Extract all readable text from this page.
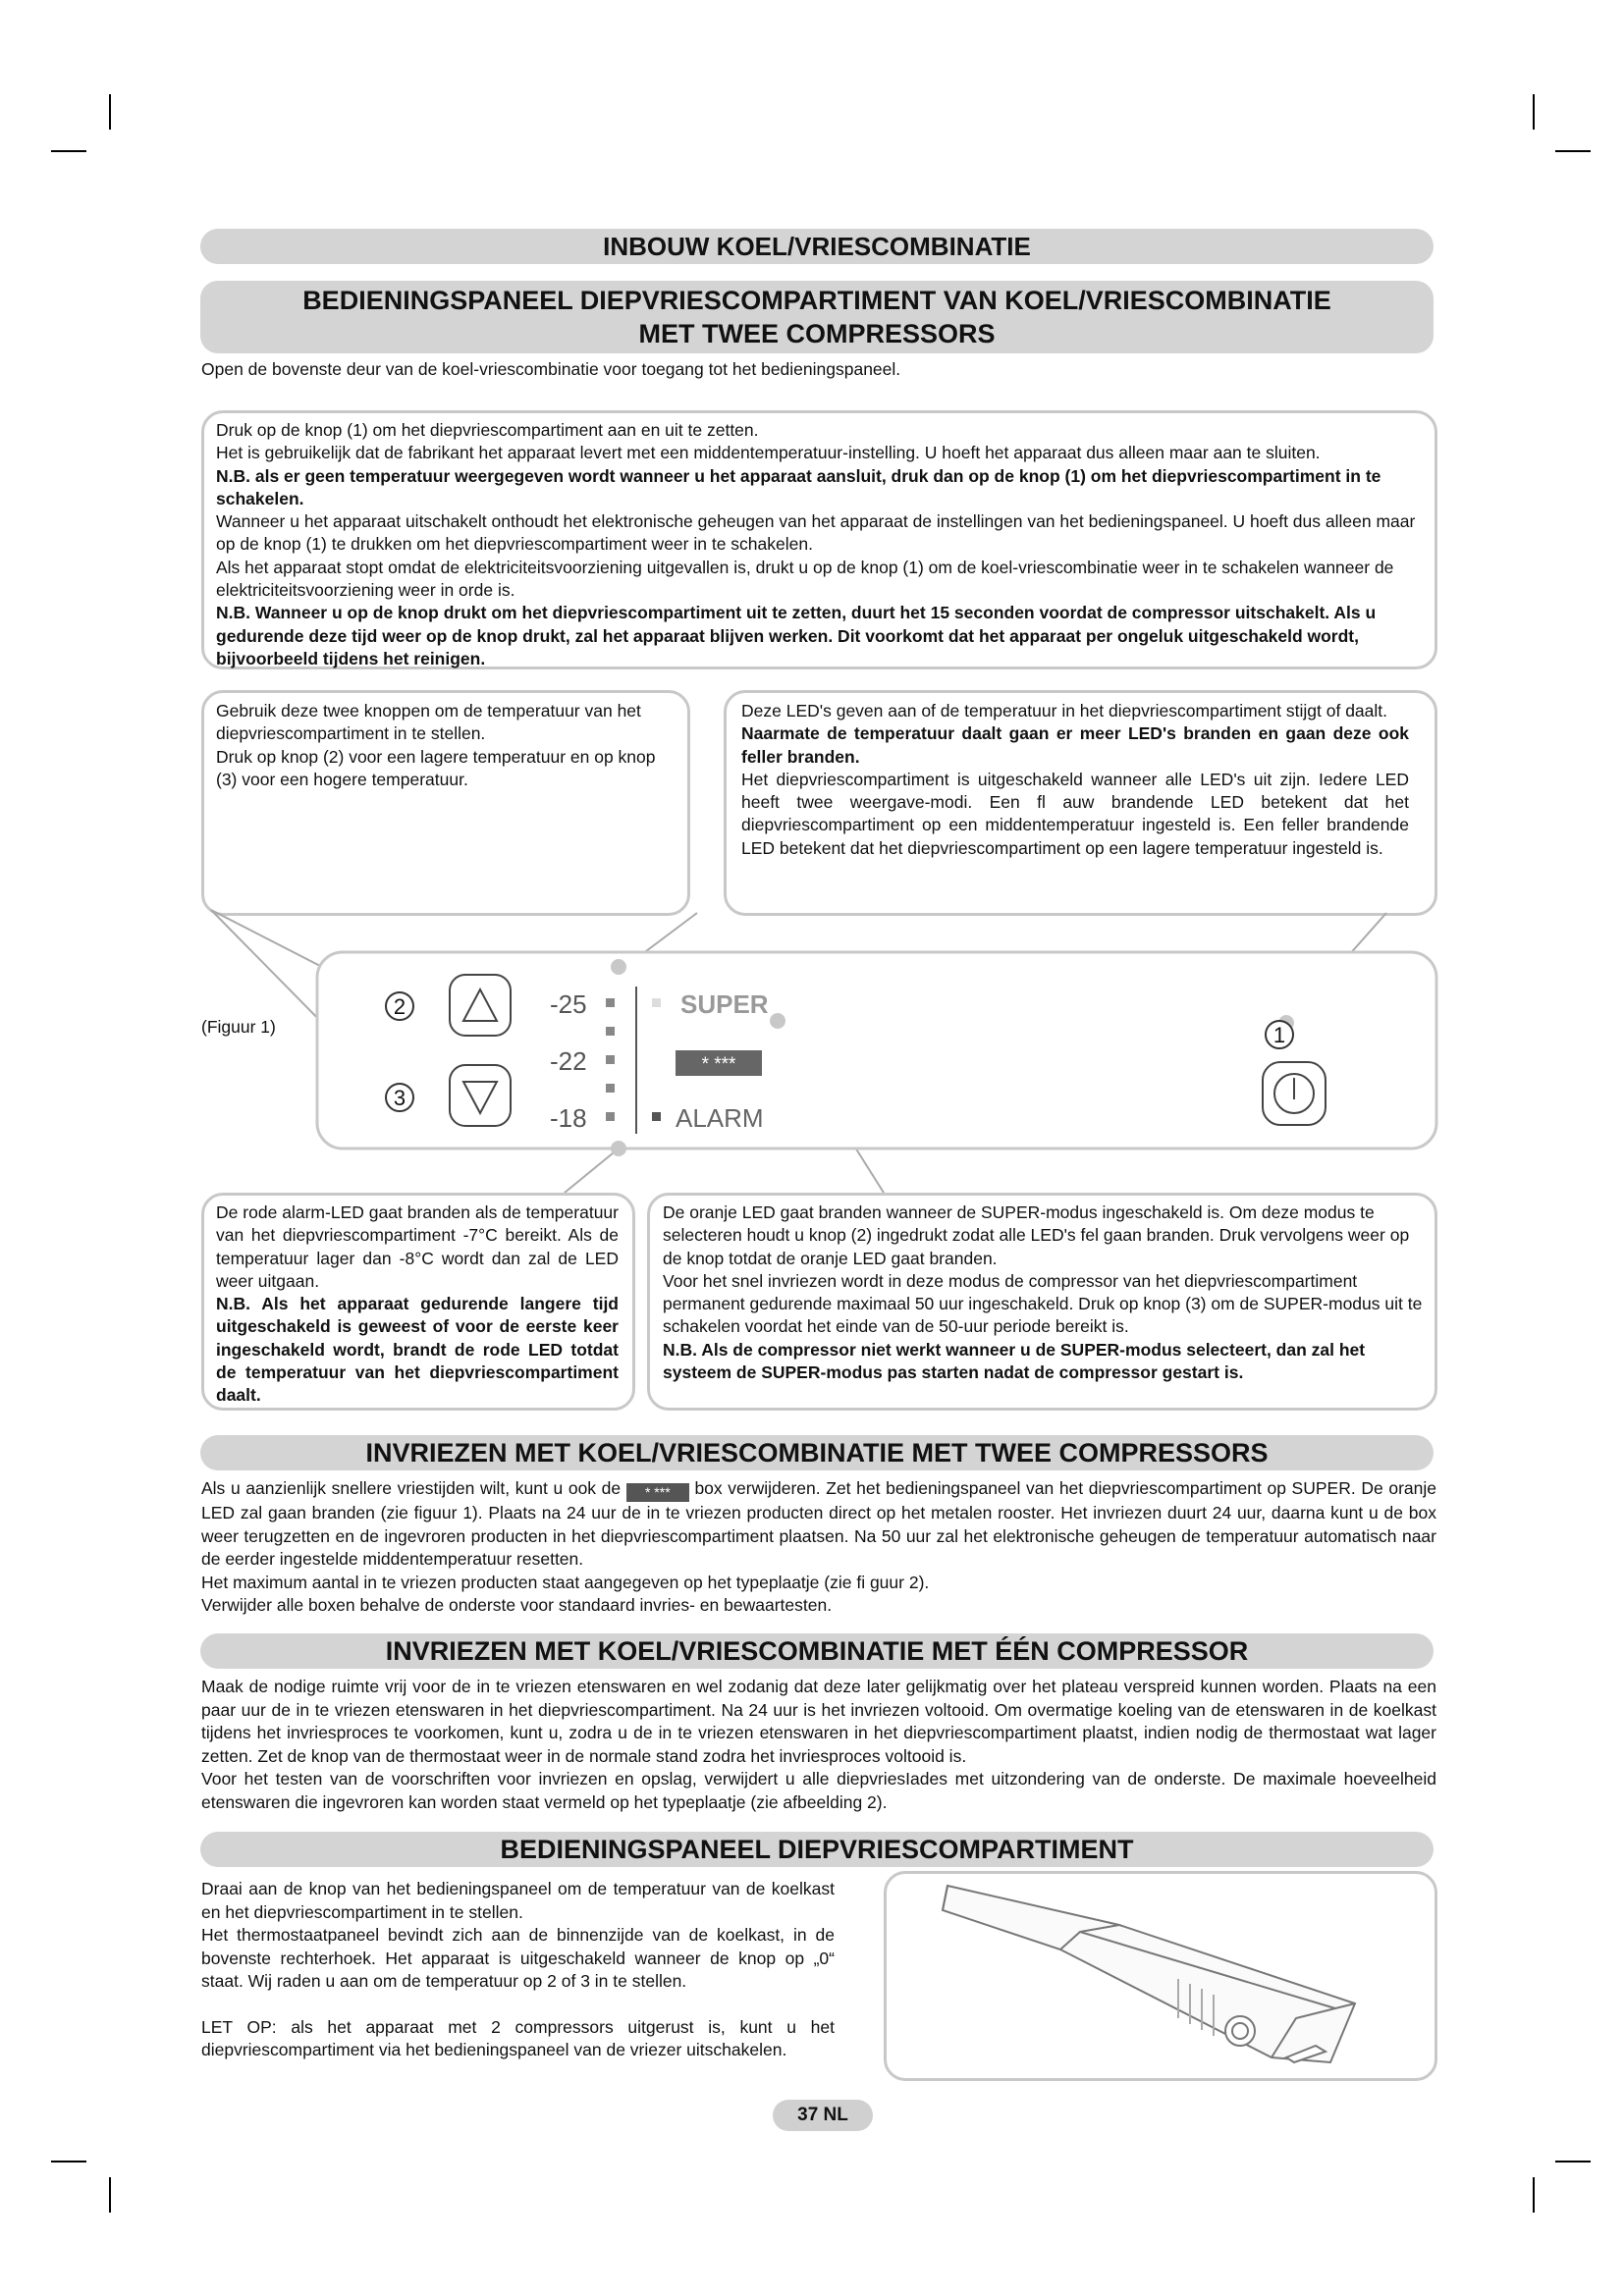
INBOUW KOEL/VRIESCOMBINATIE
BEDIENINGSPANEEL DIEPVRIESCOMPARTIMENT VAN KOEL/VRIESCOMBINATIE
MET TWEE COMPRESSORS
Open de bovenste deur van de koel-vriescombinatie voor toegang tot het bedieningspaneel.
Druk op de knop (1) om het diepvriescompartiment aan en uit te zetten.
Het is gebruikelijk dat de fabrikant het apparaat levert met een middentemperatuur-instelling. U hoeft het apparaat dus alleen maar aan te sluiten.
N.B. als er geen temperatuur weergegeven wordt wanneer u het apparaat aansluit, druk dan op de knop (1) om het diepvriescompartiment in te schakelen.
Wanneer u het apparaat uitschakelt onthoudt het elektronische geheugen van het apparaat de instellingen van het bedieningspaneel. U hoeft dus alleen maar op de knop (1) te drukken om het diepvriescompartiment weer in te schakelen.
Als het apparaat stopt omdat de elektriciteitsvoorziening uitgevallen is, drukt u op de knop (1) om de koel-vriescombinatie weer in te schakelen wanneer de elektriciteitsvoorziening weer in orde is.
N.B. Wanneer u op de knop drukt om het diepvriescompartiment uit te zetten, duurt het 15 seconden voordat de compressor uitschakelt. Als u gedurende deze tijd weer op de knop drukt, zal het apparaat blijven werken. Dit voorkomt dat het apparaat per ongeluk uitgeschakeld wordt, bijvoorbeeld tijdens het reinigen.
Gebruik deze twee knoppen om de temperatuur van het diepvriescompartiment in te stellen.
Druk op knop (2) voor een lagere temperatuur en op knop (3) voor een hogere temperatuur.
Deze LED's geven aan of de temperatuur in het diepvriescompartiment stijgt of daalt.
Naarmate de temperatuur daalt gaan er meer LED's branden en gaan deze ook feller branden.
Het diepvriescompartiment is uitgeschakeld wanneer alle LED's uit zijn. Iedere LED heeft twee weergave-modi. Een fl auw brandende LED betekent dat het diepvriescompartiment op een middentemperatuur ingesteld is. Een feller brandende LED betekent dat het diepvriescompartiment op een lagere temperatuur ingesteld is.
(Figuur 1)
2
3
-25
-22
-18
SUPER
* ***
ALARM
1
De rode alarm-LED gaat branden als de temperatuur van het diepvriescompartiment -7°C bereikt. Als de temperatuur lager dan -8°C wordt dan zal de LED weer uitgaan.
N.B. Als het apparaat gedurende langere tijd uitgeschakeld is geweest of voor de eerste keer ingeschakeld wordt, brandt de rode LED totdat de temperatuur van het diepvriescompartiment daalt.
De oranje LED gaat branden wanneer de SUPER-modus ingeschakeld is. Om deze modus te selecteren houdt u knop (2) ingedrukt zodat alle LED's fel gaan branden. Druk vervolgens weer op de knop totdat de oranje LED gaat branden.
Voor het snel invriezen wordt in deze modus de compressor van het diepvriescompartiment permanent gedurende maximaal 50 uur ingeschakeld. Druk op knop (3) om de SUPER-modus uit te schakelen voordat het einde van de 50-uur periode bereikt is.
N.B. Als de compressor niet werkt wanneer u de SUPER-modus selecteert, dan zal het systeem de SUPER-modus pas starten nadat de compressor gestart is.
INVRIEZEN MET KOEL/VRIESCOMBINATIE MET TWEE COMPRESSORS
Als u aanzienlijk snellere vriestijden wilt, kunt u ook de * *** box verwijderen. Zet het bedieningspaneel van het diepvriescompartiment op SUPER. De oranje LED zal gaan branden (zie figuur 1). Plaats na 24 uur de in te vriezen producten direct op het metalen rooster. Het invriezen duurt 24 uur, daarna kunt u de box weer terugzetten en de ingevroren producten in het diepvriescompartiment plaatsen. Na 50 uur zal het elektronische geheugen de temperatuur automatisch naar de eerder ingestelde middentemperatuur resetten.
Het maximum aantal in te vriezen producten staat aangegeven op het typeplaatje (zie fi guur 2).
Verwijder alle boxen behalve de onderste voor standaard invries- en bewaartesten.
INVRIEZEN MET KOEL/VRIESCOMBINATIE MET ÉÉN COMPRESSOR
Maak de nodige ruimte vrij voor de in te vriezen etenswaren en wel zodanig dat deze later gelijkmatig over het plateau verspreid kunnen worden. Plaats na een paar uur de in te vriezen etenswaren in het diepvriescompartiment. Na 24 uur is het invriezen voltooid. Om overmatige koeling van de etenswaren in de koelkast tijdens het invriesproces te voorkomen, kunt u, zodra u de in te vriezen etenswaren in het diepvriescompartiment plaatst, indien nodig de thermostaat wat lager zetten. Zet de knop van de thermostaat weer in de normale stand zodra het invriesproces voltooid is.
Voor het testen van de voorschriften voor invriezen en opslag, verwijdert u alle diepvriesIades met uitzondering van de onderste. De maximale hoeveelheid etenswaren die ingevroren kan worden staat vermeld op het typeplaatje (zie afbeelding 2).
BEDIENINGSPANEEL DIEPVRIESCOMPARTIMENT
Draai aan de knop van het bedieningspaneel om de temperatuur van de koelkast en het diepvriescompartiment in te stellen.
Het thermostaatpaneel bevindt zich aan de binnenzijde van de koelkast, in de bovenste rechterhoek. Het apparaat is uitgeschakeld wanneer de knop op „0“ staat. Wij raden u aan om de temperatuur op 2 of 3 in te stellen.
LET OP: als het apparaat met 2 compressors uitgerust is, kunt u het diepvriescompartiment via het bedieningspaneel van de vriezer uitschakelen.
37 NL
